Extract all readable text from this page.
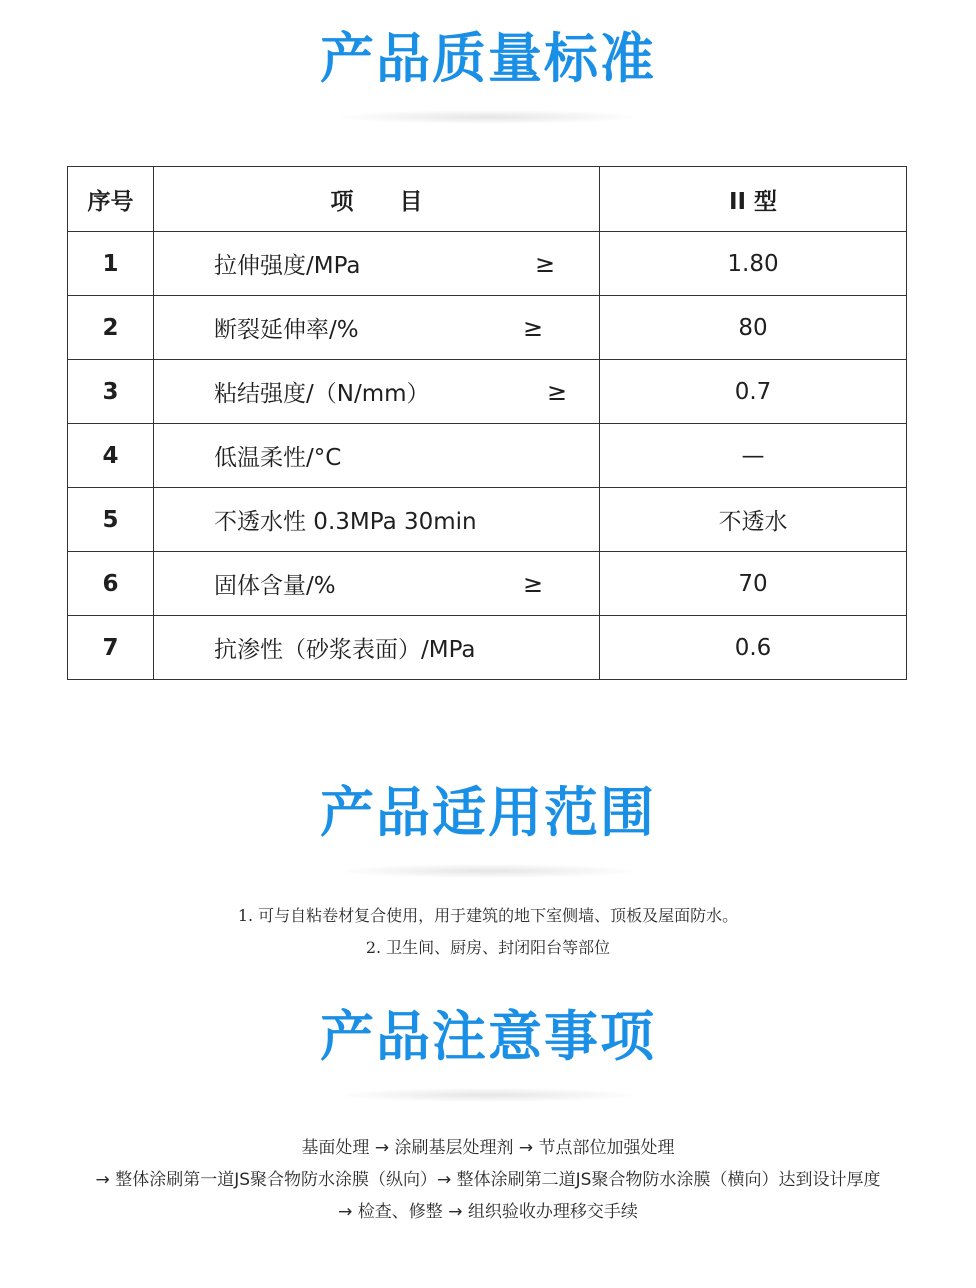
产品质量标准
序号	项　　目	II 型
1	拉伸强度/MPa ≥	1.80
2	断裂延伸率/% ≥	80
3	粘结强度/（N/mm） ≥	0.7
4	低温柔性/°C	—
5	不透水性 0.3MPa 30min	不透水
6	固体含量/% ≥	70
7	抗渗性（砂浆表面）/MPa	0.6
产品适用范围
1. 可与自粘卷材复合使用，用于建筑的地下室侧墙、顶板及屋面防水。
2. 卫生间、厨房、封闭阳台等部位
产品注意事项
基面处理 → 涂刷基层处理剂 → 节点部位加强处理
→ 整体涂刷第一道JS聚合物防水涂膜（纵向）→ 整体涂刷第二道JS聚合物防水涂膜（横向）达到设计厚度
→ 检查、修整 → 组织验收办理移交手续
